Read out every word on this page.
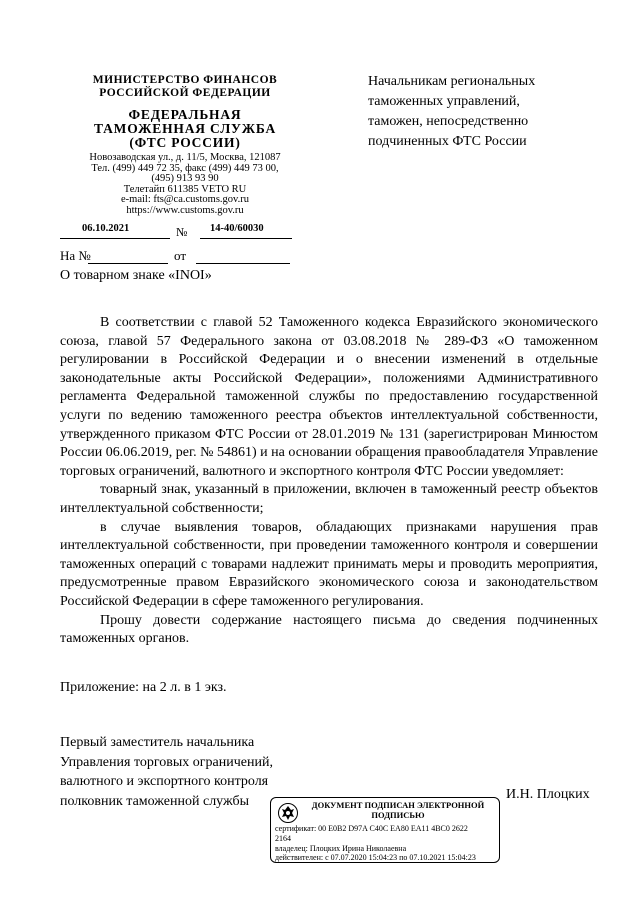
МИНИСТЕРСТВО ФИНАНСОВ
РОССИЙСКОЙ ФЕДЕРАЦИИ
ФЕДЕРАЛЬНАЯ
ТАМОЖЕННАЯ СЛУЖБА
(ФТС РОССИИ)
Новозаводская ул., д. 11/5, Москва, 121087
Тел. (499) 449 72 35, факс (499) 449 73 00,
(495) 913 93 90
Телетайп 611385 VETO RU
e-mail: fts@ca.customs.gov.ru
https://www.customs.gov.ru
06.10.2021	№ 14-40/60030
На №	от
О товарном знаке «INOI»
Начальникам региональных
таможенных управлений,
таможен, непосредственно
подчиненных ФТС России

В соответствии с главой 52 Таможенного кодекса Евразийского экономического союза, главой 57 Федерального закона от 03.08.2018 № 289-ФЗ «О таможенном регулировании в Российской Федерации и о внесении изменений в отдельные законодательные акты Российской Федерации», положениями Административного регламента Федеральной таможенной службы по предоставлению государственной услуги по ведению таможенного реестра объектов интеллектуальной собственности, утвержденного приказом ФТС России от 28.01.2019 № 131 (зарегистрирован Минюстом России 06.06.2019, рег. № 54861) и на основании обращения правообладателя Управление торговых ограничений, валютного и экспортного контроля ФТС России уведомляет:

товарный знак, указанный в приложении, включен в таможенный реестр объектов интеллектуальной собственности;

в случае выявления товаров, обладающих признаками нарушения прав интеллектуальной собственности, при проведении таможенного контроля и совершении таможенных операций с товарами надлежит принимать меры и проводить мероприятия, предусмотренные правом Евразийского экономического союза и законодательством Российской Федерации в сфере таможенного регулирования.

Прошу довести содержание настоящего письма до сведения подчиненных таможенных органов.

Приложение: на 2 л. в 1 экз.
Первый заместитель начальника
Управления торговых ограничений,
валютного и экспортного контроля
полковник таможенной службы	И.Н. Плоцких
ДОКУМЕНТ ПОДПИСАН ЭЛЕКТРОННОЙ
ПОДПИСЬЮ
сертификат: 00 E0B2 D97A C40C EA80 EA11 4BC0 2622
2164
владелец: Плоцких Ирина Николаевна
действителен: с 07.07.2020 15:04:23 по 07.10.2021 15:04:23
